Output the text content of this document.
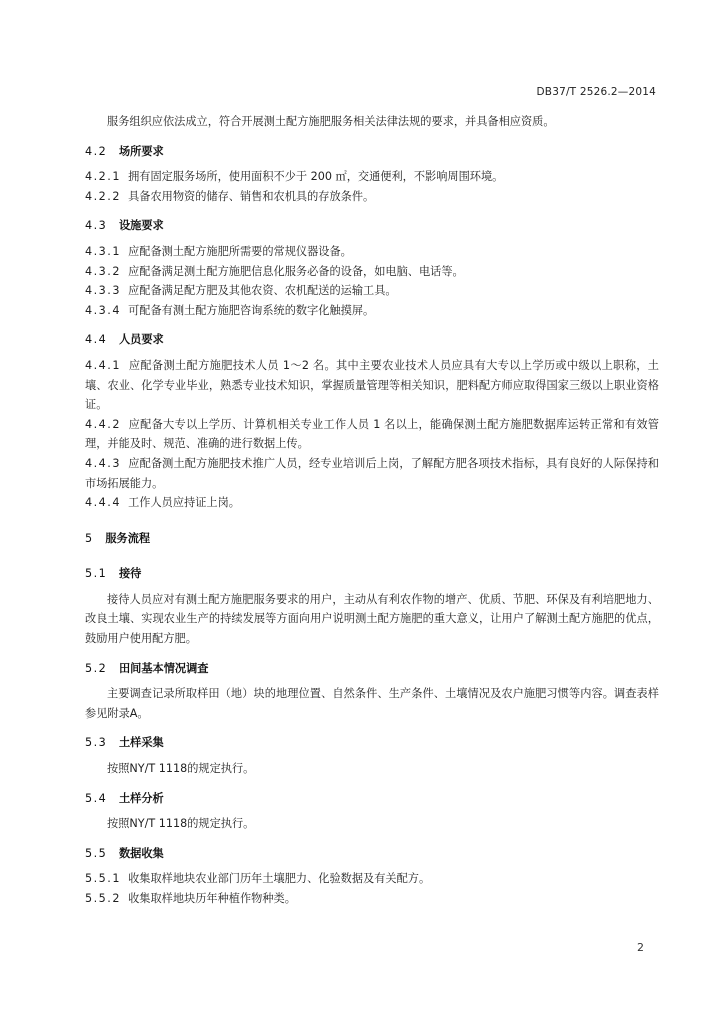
DB37/T 2526.2—2014

服务组织应依法成立，符合开展测土配方施肥服务相关法律法规的要求，并具备相应资质。

4.2 场所要求

4.2.1 拥有固定服务场所，使用面积不少于 200 ㎡，交通便利，不影响周围环境。

4.2.2 具备农用物资的储存、销售和农机具的存放条件。

4.3 设施要求

4.3.1 应配备测土配方施肥所需要的常规仪器设备。

4.3.2 应配备满足测土配方施肥信息化服务必备的设备，如电脑、电话等。

4.3.3 应配备满足配方肥及其他农资、农机配送的运输工具。

4.3.4 可配备有测土配方施肥咨询系统的数字化触摸屏。

4.4 人员要求

4.4.1 应配备测土配方施肥技术人员 1～2 名。其中主要农业技术人员应具有大专以上学历或中级以上职称，土壤、农业、化学专业毕业，熟悉专业技术知识，掌握质量管理等相关知识，肥料配方师应取得国家三级以上职业资格证。

4.4.2 应配备大专以上学历、计算机相关专业工作人员 1 名以上，能确保测土配方施肥数据库运转正常和有效管理，并能及时、规范、准确的进行数据上传。

4.4.3 应配备测土配方施肥技术推广人员，经专业培训后上岗，了解配方肥各项技术指标，具有良好的人际保持和市场拓展能力。

4.4.4 工作人员应持证上岗。

5 服务流程

5.1 接待

接待人员应对有测土配方施肥服务要求的用户，主动从有利农作物的增产、优质、节肥、环保及有利培肥地力、改良土壤、实现农业生产的持续发展等方面向用户说明测土配方施肥的重大意义，让用户了解测土配方施肥的优点，鼓励用户使用配方肥。

5.2 田间基本情况调查

主要调查记录所取样田（地）块的地理位置、自然条件、生产条件、土壤情况及农户施肥习惯等内容。调查表样参见附录A。

5.3 土样采集

按照NY/T 1118的规定执行。

5.4 土样分析

按照NY/T 1118的规定执行。

5.5 数据收集

5.5.1 收集取样地块农业部门历年土壤肥力、化验数据及有关配方。

5.5.2 收集取样地块历年种植作物种类。

2
